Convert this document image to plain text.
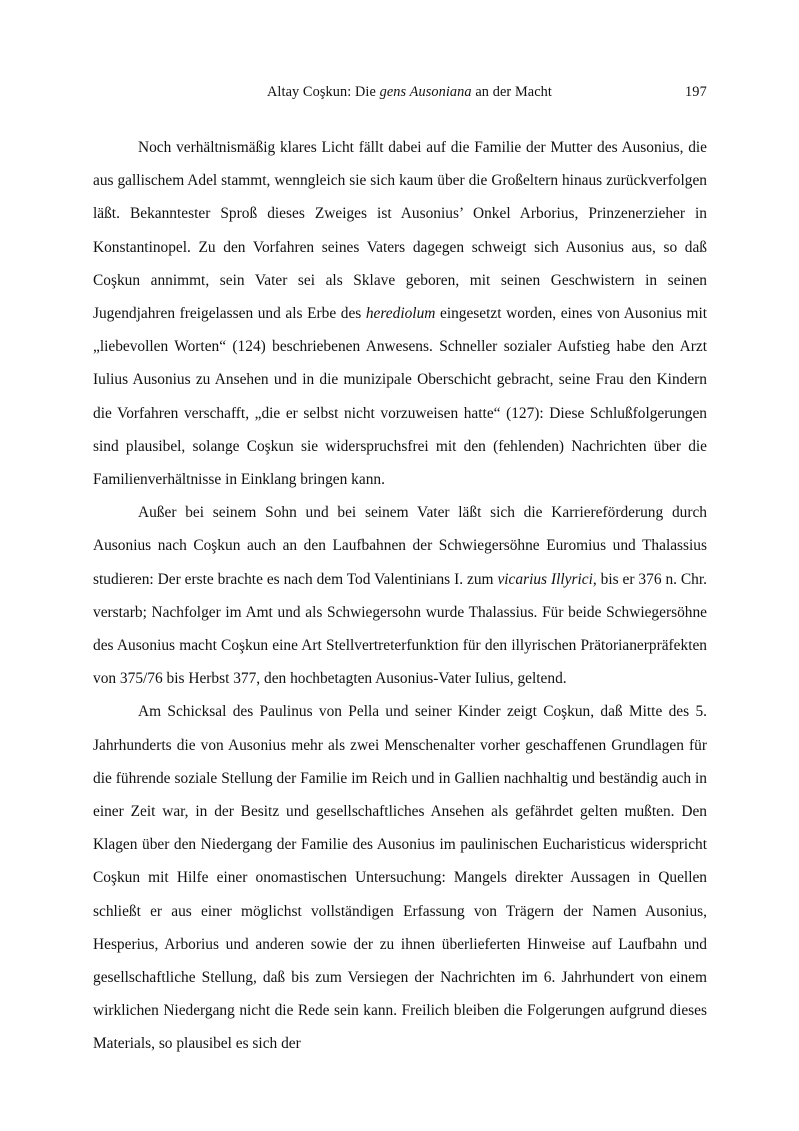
Altay Coşkun: Die gens Ausoniana an der Macht	197

Noch verhältnismäßig klares Licht fällt dabei auf die Familie der Mutter des Ausonius, die aus gallischem Adel stammt, wenngleich sie sich kaum über die Großeltern hinaus zurückverfolgen läßt. Bekanntester Sproß dieses Zweiges ist Ausonius’ Onkel Arborius, Prinzenerzieher in Konstantinopel. Zu den Vorfahren seines Vaters dagegen schweigt sich Ausonius aus, so daß Coşkun annimmt, sein Vater sei als Sklave geboren, mit seinen Geschwistern in seinen Jugendjahren freigelassen und als Erbe des herediolum eingesetzt worden, eines von Ausonius mit „liebevollen Worten“ (124) beschriebenen Anwesens. Schneller sozialer Aufstieg habe den Arzt Iulius Ausonius zu Ansehen und in die munizipale Oberschicht gebracht, seine Frau den Kindern die Vorfahren verschafft, „die er selbst nicht vorzuweisen hatte“ (127): Diese Schlußfolgerungen sind plausibel, solange Coşkun sie widerspruchsfrei mit den (fehlenden) Nachrichten über die Familienverhältnisse in Einklang bringen kann.

Außer bei seinem Sohn und bei seinem Vater läßt sich die Karriereförderung durch Ausonius nach Coşkun auch an den Laufbahnen der Schwiegersöhne Euromius und Thalassius studieren: Der erste brachte es nach dem Tod Valentinians I. zum vicarius Illyrici, bis er 376 n. Chr. verstarb; Nachfolger im Amt und als Schwiegersohn wurde Thalassius. Für beide Schwiegersöhne des Ausonius macht Coşkun eine Art Stellvertreterfunktion für den illyrischen Prätorianerpräfekten von 375/76 bis Herbst 377, den hochbetagten Ausonius-Vater Iulius, geltend.

Am Schicksal des Paulinus von Pella und seiner Kinder zeigt Coşkun, daß Mitte des 5. Jahrhunderts die von Ausonius mehr als zwei Menschenalter vorher geschaffenen Grundlagen für die führende soziale Stellung der Familie im Reich und in Gallien nachhaltig und beständig auch in einer Zeit war, in der Besitz und gesellschaftliches Ansehen als gefährdet gelten mußten. Den Klagen über den Niedergang der Familie des Ausonius im paulinischen Eucharisticus widerspricht Coşkun mit Hilfe einer onomastischen Untersuchung: Mangels direkter Aussagen in Quellen schließt er aus einer möglichst vollständigen Erfassung von Trägern der Namen Ausonius, Hesperius, Arborius und anderen sowie der zu ihnen überlieferten Hinweise auf Laufbahn und gesellschaftliche Stellung, daß bis zum Versiegen der Nachrichten im 6. Jahrhundert von einem wirklichen Niedergang nicht die Rede sein kann. Freilich bleiben die Folgerungen aufgrund dieses Materials, so plausibel es sich der
